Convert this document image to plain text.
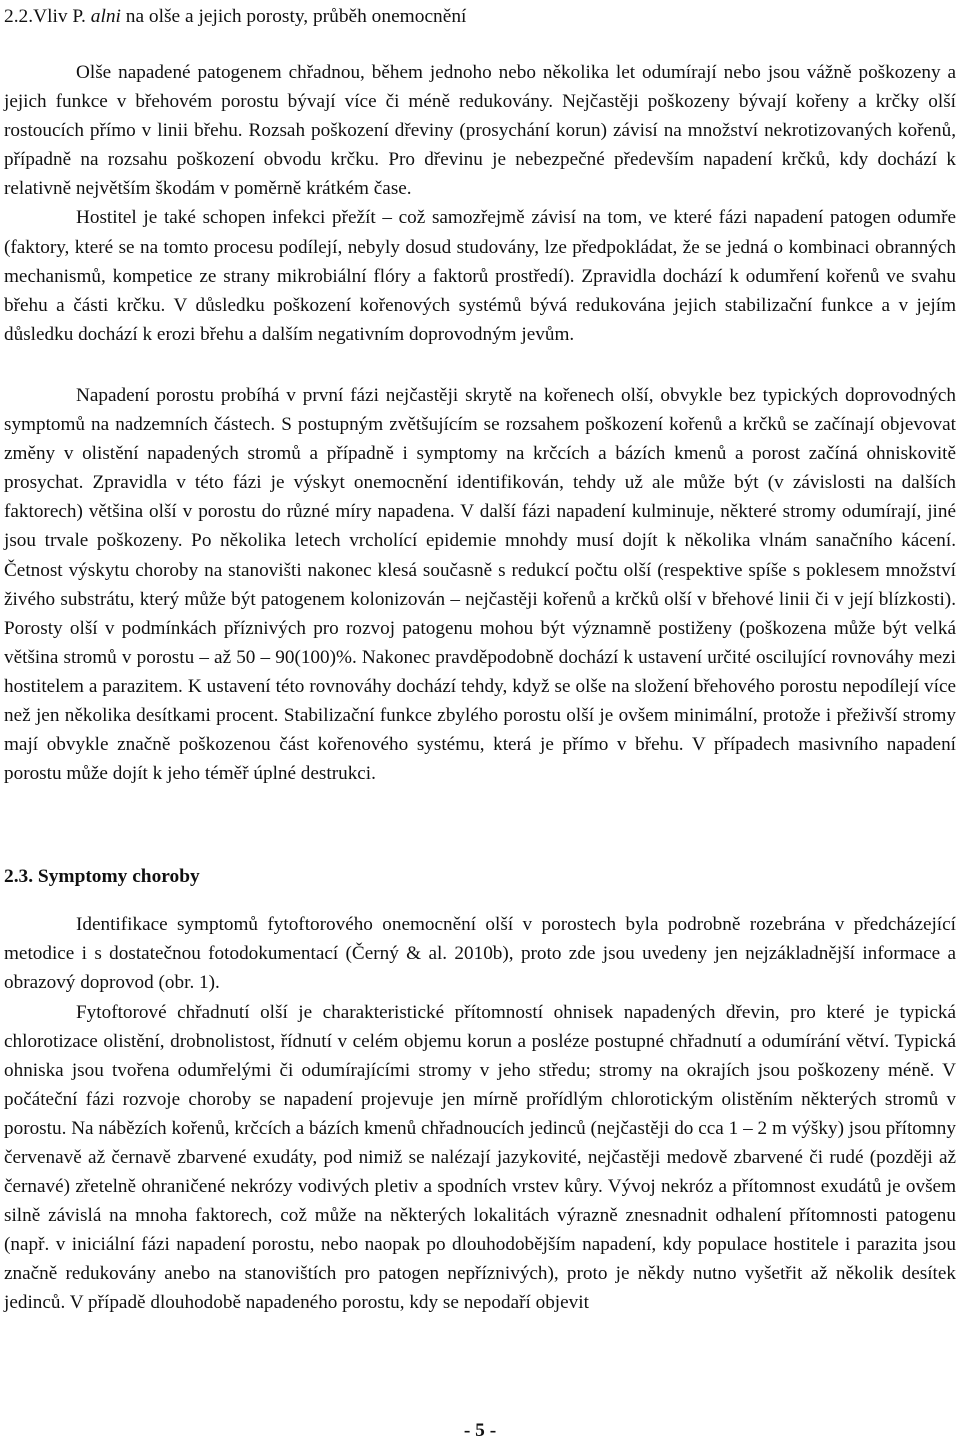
2.2.Vliv P. alni na olše a jejich porosty, průběh onemocnění

Olše napadené patogenem chřadnou, během jednoho nebo několika let odumírají nebo jsou vážně poškozeny a jejich funkce v břehovém porostu bývají více či méně redukovány. Nejčastěji poškozeny bývají kořeny a krčky olší rostoucích přímo v linii břehu. Rozsah poškození dřeviny (prosychání korun) závisí na množství nekrotizovaných kořenů, případně na rozsahu poškození obvodu krčku. Pro dřevinu je nebezpečné především napadení krčků, kdy dochází k relativně největším škodám v poměrně krátkém čase.

Hostitel je také schopen infekci přežít – což samozřejmě závisí na tom, ve které fázi napadení patogen odumře (faktory, které se na tomto procesu podílejí, nebyly dosud studovány, lze předpokládat, že se jedná o kombinaci obranných mechanismů, kompetice ze strany mikrobiální flóry a faktorů prostředí). Zpravidla dochází k odumření kořenů ve svahu břehu a části krčku. V důsledku poškození kořenových systémů bývá redukována jejich stabilizační funkce a v jejím důsledku dochází k erozi břehu a dalším negativním doprovodným jevům.

Napadení porostu probíhá v první fázi nejčastěji skrytě na kořenech olší, obvykle bez typických doprovodných symptomů na nadzemních částech. S postupným zvětšujícím se rozsahem poškození kořenů a krčků se začínají objevovat změny v olistění napadených stromů a případně i symptomy na krčcích a bázích kmenů a porost začíná ohniskovitě prosychat. Zpravidla v této fázi je výskyt onemocnění identifikován, tehdy už ale může být (v závislosti na dalších faktorech) většina olší v porostu do různé míry napadena. V další fázi napadení kulminuje, některé stromy odumírají, jiné jsou trvale poškozeny. Po několika letech vrcholící epidemie mnohdy musí dojít k několika vlnám sanačního kácení. Četnost výskytu choroby na stanovišti nakonec klesá současně s redukcí počtu olší (respektive spíše s poklesem množství živého substrátu, který může být patogenem kolonizován – nejčastěji kořenů a krčků olší v břehové linii či v její blízkosti). Porosty olší v podmínkách příznivých pro rozvoj patogenu mohou být významně postiženy (poškozena může být velká většina stromů v porostu – až 50 – 90(100)%. Nakonec pravděpodobně dochází k ustavení určité oscilující rovnováhy mezi hostitelem a parazitem. K ustavení této rovnováhy dochází tehdy, když se olše na složení břehového porostu nepodílejí více než jen několika desítkami procent. Stabilizační funkce zbylého porostu olší je ovšem minimální, protože i přeživší stromy mají obvykle značně poškozenou část kořenového systému, která je přímo v břehu. V případech masivního napadení porostu může dojít k jeho téměř úplné destrukci.

2.3. Symptomy choroby

Identifikace symptomů fytoftorového onemocnění olší v porostech byla podrobně rozebrána v předcházející metodice i s dostatečnou fotodokumentací (Černý & al. 2010b), proto zde jsou uvedeny jen nejzákladnější informace a obrazový doprovod (obr. 1).

Fytoftorové chřadnutí olší je charakteristické přítomností ohnisek napadených dřevin, pro které je typická chlorotizace olistění, drobnolistost, řídnutí v celém objemu korun a posléze postupné chřadnutí a odumírání větví. Typická ohniska jsou tvořena odumřelými či odumírajícími stromy v jeho středu; stromy na okrajích jsou poškozeny méně. V počáteční fázi rozvoje choroby se napadení projevuje jen mírně prořídlým chlorotickým olistěním některých stromů v porostu. Na nábězích kořenů, krčcích a bázích kmenů chřadnoucích jedinců (nejčastěji do cca 1 – 2 m výšky) jsou přítomny červenavě až černavě zbarvené exudáty, pod nimiž se nalézají jazykovité, nejčastěji medově zbarvené či rudé (později až černavé) zřetelně ohraničené nekrózy vodivých pletiv a spodních vrstev kůry. Vývoj nekróz a přítomnost exudátů je ovšem silně závislá na mnoha faktorech, což může na některých lokalitách výrazně znesnadnit odhalení přítomnosti patogenu (např. v iniciální fázi napadení porostu, nebo naopak po dlouhodobějším napadení, kdy populace hostitele i parazita jsou značně redukovány anebo na stanovištích pro patogen nepříznivých), proto je někdy nutno vyšetřit až několik desítek jedinců. V případě dlouhodobě napadeného porostu, kdy se nepodaří objevit

- 5 -
